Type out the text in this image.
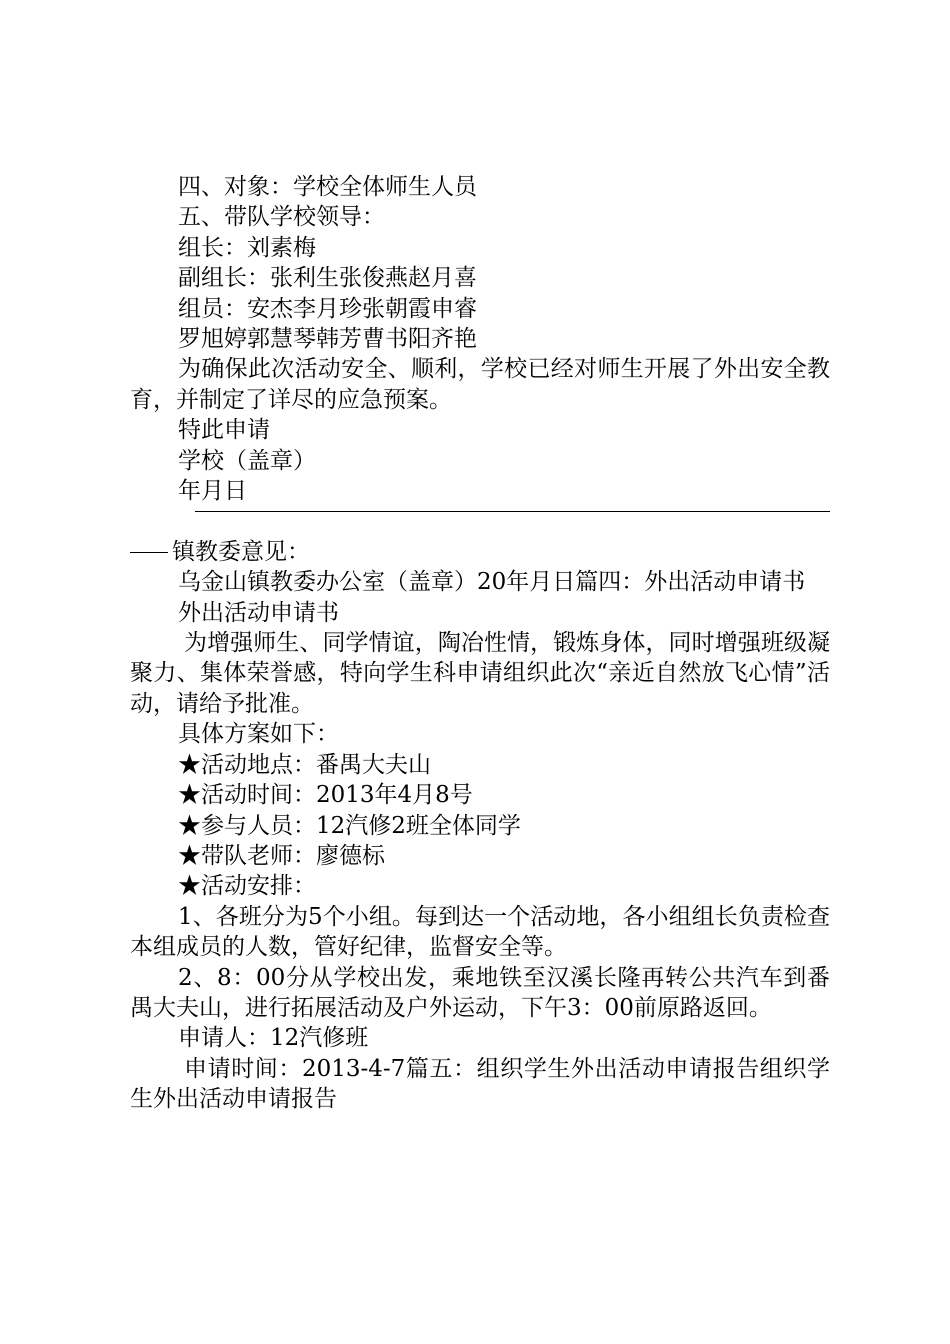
四、对象：学校全体师生人员

五、带队学校领导：

组长：刘素梅

副组长：张利生张俊燕赵月喜

组员：安杰李月珍张朝霞申睿

罗旭婷郭慧琴韩芳曹书阳齐艳

为确保此次活动安全、顺利，学校已经对师生开展了外出安全教育，并制定了详尽的应急预案。

特此申请

学校（盖章）

年月日

镇教委意见：

乌金山镇教委办公室（盖章）20年月日篇四：外出活动申请书

外出活动申请书

为增强师生、同学情谊，陶冶性情，锻炼身体，同时增强班级凝聚力、集体荣誉感，特向学生科申请组织此次“亲近自然放飞心情”活动，请给予批准。

具体方案如下：

★活动地点：番禺大夫山

★活动时间：2013年4月8号

★参与人员：12汽修2班全体同学

★带队老师：廖德标

★活动安排：

1、各班分为5个小组。每到达一个活动地，各小组组长负责检查本组成员的人数，管好纪律，监督安全等。

2、8：00分从学校出发，乘地铁至汉溪长隆再转公共汽车到番禺大夫山，进行拓展活动及户外运动，下午3：00前原路返回。

申请人：12汽修班

申请时间：2013-4-7篇五：组织学生外出活动申请报告组织学生外出活动申请报告
